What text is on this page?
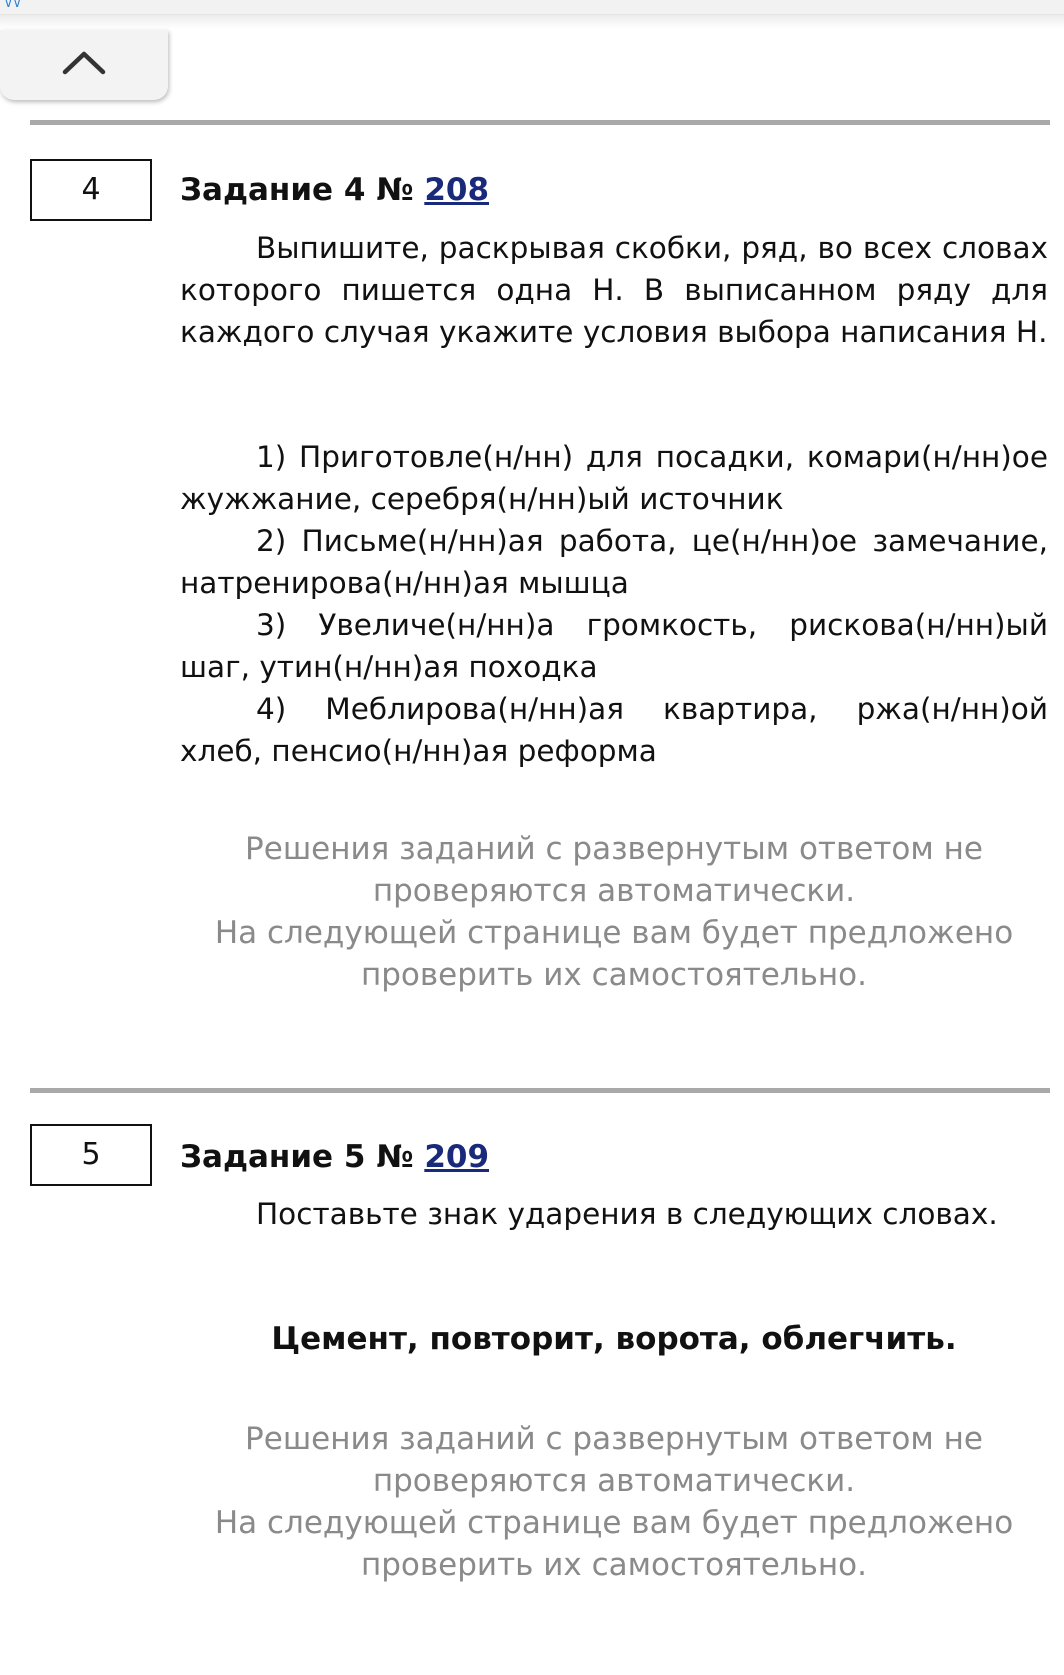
∨∨
4	Задание 4 № 208

Выпишите, раскрывая скобки, ряд, во всех словах которого пишется одна Н. В выписанном ряду для каждого случая укажите условия выбора написания Н.

1) Приготовле(н/нн) для посадки, комари(н/нн)ое жужжание, серебря(н/нн)ый источник

2) Письме(н/нн)ая работа, це(н/нн)ое замечание, натренирова(н/нн)ая мышца

3) Увеличе(н/нн)а громкость, рискова(н/нн)ый шаг, утин(н/нн)ая походка

4) Меблирова(н/нн)ая квартира, ржа(н/нн)ой хлеб, пенсио(н/нн)ая реформа

Решения заданий с развернутым ответом не проверяются автоматически.

На следующей странице вам будет предложено проверить их самостоятельно.

5	Задание 5 № 209

Поставьте знак ударения в следующих словах.

Цемент, повторит, ворота, облегчить.

Решения заданий с развернутым ответом не проверяются автоматически.

На следующей странице вам будет предложено проверить их самостоятельно.
